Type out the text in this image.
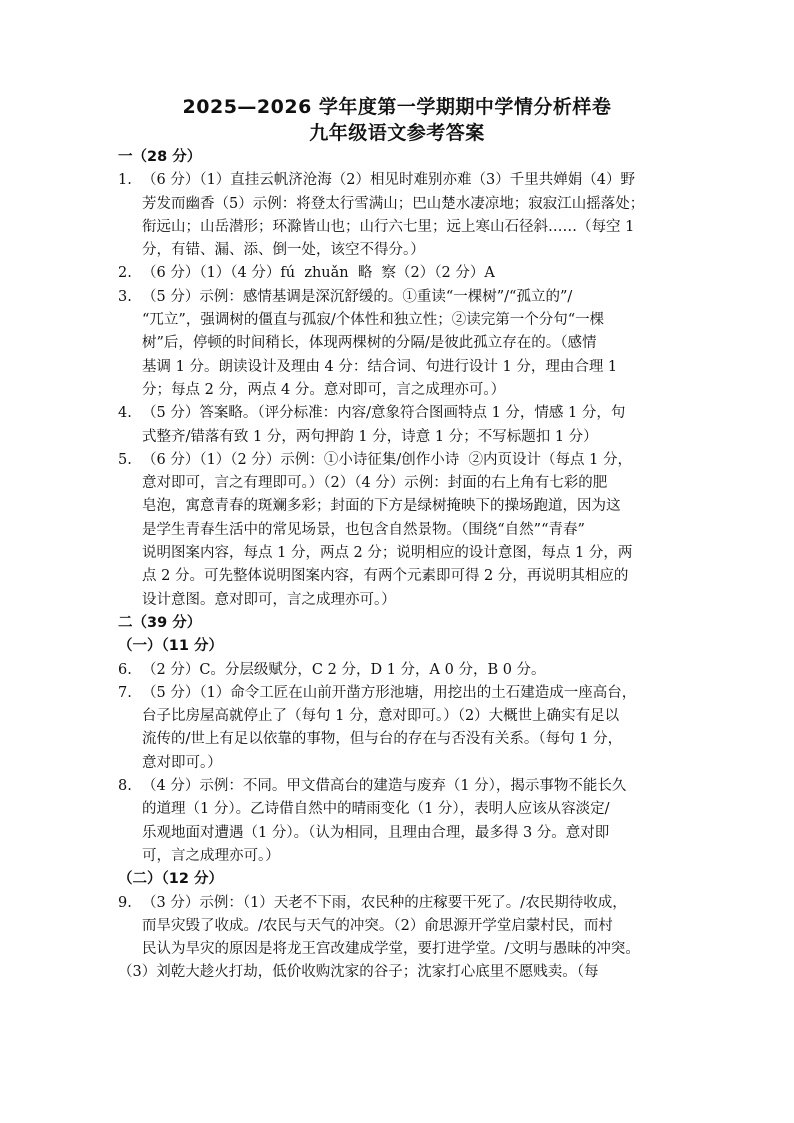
2025—2026 学年度第一学期期中学情分析样卷
九年级语文参考答案
一（28 分）
1. （6 分）（1）直挂云帆济沧海（2）相见时难别亦难（3）千里共婵娟（4）野
芳发而幽香（5）示例：将登太行雪满山；巴山楚水凄凉地；寂寂江山摇落处；
衔远山；山岳潜形；环滁皆山也；山行六七里；远上寒山石径斜……（每空 1
分，有错、漏、添、倒一处，该空不得分。）
2. （6 分）（1）（4 分）fú  zhuǎn  略  察（2）（2 分）A
3. （5 分）示例：感情基调是深沉舒缓的。①重读“一棵树”/“孤立的”/
“兀立”，强调树的僵直与孤寂/个体性和独立性；②读完第一个分句“一棵
树”后，停顿的时间稍长，体现两棵树的分隔/是彼此孤立存在的。（感情
基调 1 分。朗读设计及理由 4 分：结合词、句进行设计 1 分，理由合理 1
分；每点 2 分，两点 4 分。意对即可，言之成理亦可。）
4. （5 分）答案略。（评分标准：内容/意象符合图画特点 1 分，情感 1 分，句
式整齐/错落有致 1 分，两句押韵 1 分，诗意 1 分；不写标题扣 1 分）
5. （6 分）（1）（2 分）示例：①小诗征集/创作小诗  ②内页设计（每点 1 分，
意对即可，言之有理即可。）（2）（4 分）示例：封面的右上角有七彩的肥
皂泡，寓意青春的斑斓多彩；封面的下方是绿树掩映下的操场跑道，因为这
是学生青春生活中的常见场景，也包含自然景物。（围绕“自然”“青春”
说明图案内容，每点 1 分，两点 2 分；说明相应的设计意图，每点 1 分，两
点 2 分。可先整体说明图案内容，有两个元素即可得 2 分，再说明其相应的
设计意图。意对即可，言之成理亦可。）
二（39 分）
（一）（11 分）
6. （2 分）C。分层级赋分，C 2 分，D 1 分，A 0 分，B 0 分。
7. （5 分）（1）命令工匠在山前开凿方形池塘，用挖出的土石建造成一座高台，
台子比房屋高就停止了（每句 1 分，意对即可。）（2）大概世上确实有足以
流传的/世上有足以依靠的事物，但与台的存在与否没有关系。（每句 1 分，
意对即可。）
8. （4 分）示例：不同。甲文借高台的建造与废弃（1 分），揭示事物不能长久
的道理（1 分）。乙诗借自然中的晴雨变化（1 分），表明人应该从容淡定/
乐观地面对遭遇（1 分）。（认为相同，且理由合理，最多得 3 分。意对即
可，言之成理亦可。）
（二）（12 分）
9. （3 分）示例：（1）天老不下雨，农民种的庄稼要干死了。/农民期待收成，
而旱灾毁了收成。/农民与天气的冲突。（2）俞思源开学堂启蒙村民，而村
民认为旱灾的原因是将龙王宫改建成学堂，要打进学堂。/文明与愚昧的冲突。
（3）刘乾大趁火打劫，低价收购沈家的谷子；沈家打心底里不愿贱卖。（每
